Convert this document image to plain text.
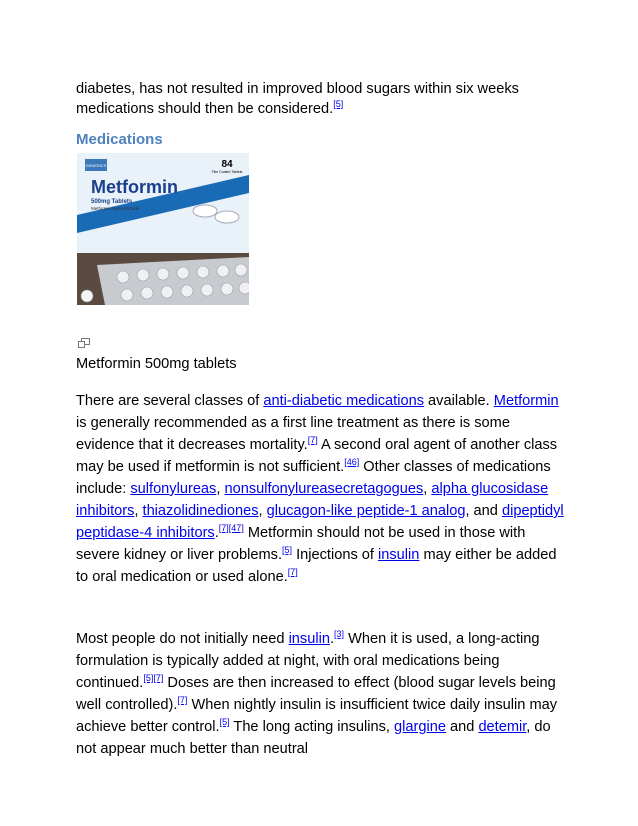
diabetes, has not resulted in improved blood sugars within six weeks medications should then be considered.[5]

Medications
GENERICS	84
Film Coated Tablets
Metformin
500mg Tablets
Metformin hydrochloride
Metformin 500mg tablets

There are several classes of anti-diabetic medications available. Metformin is generally recommended as a first line treatment as there is some evidence that it decreases mortality.[7] A second oral agent of another class may be used if metformin is not sufficient.[46] Other classes of medications include: sulfonylureas, nonsulfonylureasecretagogues, alpha glucosidase inhibitors, thiazolidinediones, glucagon-like peptide-1 analog, and dipeptidyl peptidase-4 inhibitors.[7][47] Metformin should not be used in those with severe kidney or liver problems.[5] Injections of insulin may either be added to oral medication or used alone.[7]

Most people do not initially need insulin.[3] When it is used, a long-acting formulation is typically added at night, with oral medications being continued.[5][7] Doses are then increased to effect (blood sugar levels being well controlled).[7] When nightly insulin is insufficient twice daily insulin may achieve better control.[5] The long acting insulins, glargine and detemir, do not appear much better than neutral
